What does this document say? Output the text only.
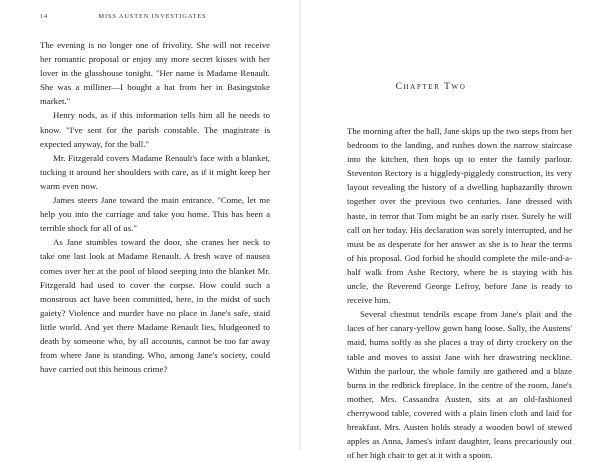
14	MISS AUSTEN INVESTIGATES

The evening is no longer one of frivolity. She will not receive her romantic proposal or enjoy any more secret kisses with her lover in the glasshouse tonight. "Her name is Madame Renault. She was a milliner—I bought a hat from her in Basingstoke market."

Henry nods, as if this information tells him all he needs to know. "I've sent for the parish constable. The magistrate is expected anyway, for the ball."

Mr. Fitzgerald covers Madame Renault's face with a blanket, tucking it around her shoulders with care, as if it might keep her warm even now.

James steers Jane toward the main entrance. "Come, let me help you into the carriage and take you home. This has been a terrible shock for all of us."

As Jane stumbles toward the door, she cranes her neck to take one last look at Madame Renault. A fresh wave of nausea comes over her at the pool of blood seeping into the blanket Mr. Fitzgerald had used to cover the corpse. How could such a monstrous act have been committed, here, in the midst of such gaiety? Violence and murder have no place in Jane's safe, staid little world. And yet there Madame Renault lies, bludgeoned to death by someone who, by all accounts, cannot be too far away from where Jane is standing. Who, among Jane's society, could have carried out this heinous crime?

Chapter Two

The morning after the ball, Jane skips up the two steps from her bedroom to the landing, and rushes down the narrow staircase into the kitchen, then hops up to enter the family parlour. Steventon Rectory is a higgledy-piggledy construction, its very layout revealing the history of a dwelling haphazardly thrown together over the previous two centuries. Jane dressed with haste, in terror that Tom might be an early riser. Surely he will call on her today. His declaration was sorely interrupted, and he must be as desperate for her answer as she is to hear the terms of his proposal. God forbid he should complete the mile-and-a-half walk from Ashe Rectory, where he is staying with his uncle, the Reverend George Lefroy, before Jane is ready to receive him.

Several chestnut tendrils escape from Jane's plait and the laces of her canary-yellow gown hang loose. Sally, the Austens' maid, hums softly as she places a tray of dirty crockery on the table and moves to assist Jane with her drawstring neckline. Within the parlour, the whole family are gathered and a blaze burns in the redbrick fireplace. In the centre of the room, Jane's mother, Mrs. Cassandra Austen, sits at an old-fashioned cherrywood table, covered with a plain linen cloth and laid for breakfast. Mrs. Austen holds steady a wooden bowl of stewed apples as Anna, James's infant daughter, leans precariously out of her high chair to get at it with a spoon.
